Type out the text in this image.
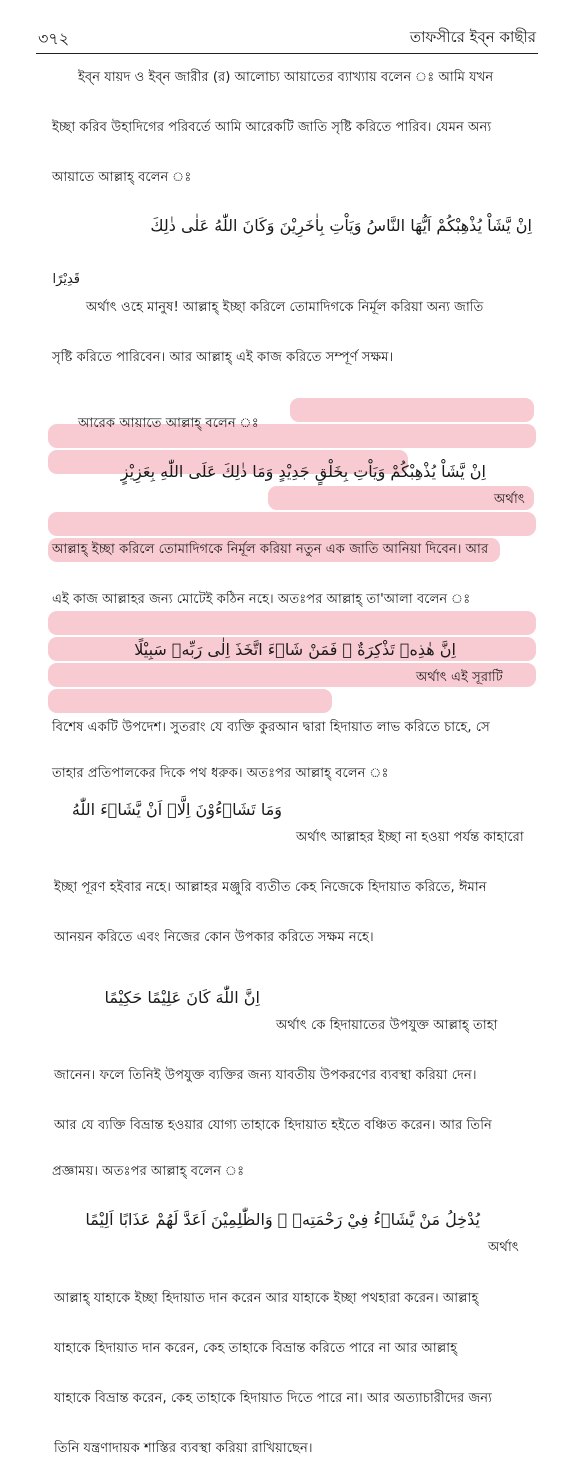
৩৭২	তাফসীরে ইব্ন কাছীর
ইব্ন যায়দ ও ইব্ন জারীর (র) আলোচ্য আয়াতের ব্যাখ্যায় বলেন ঃ আমি যখন
ইচ্ছা করিব উহাদিগের পরিবর্তে আমি আরেকটি জাতি সৃষ্টি করিতে পারিব। যেমন অন্য
আয়াতে আল্লাহ্ বলেন ঃ
اِنْ يَّشَاْ يُذْهِبْكُمْ اَيُّهَا النَّاسُ وَيَاْتِ بِاٰخَرِيْنَ وَكَانَ اللّٰهُ عَلٰى ذٰلِكَ
قَدِيْرًا
অর্থাৎ ওহে মানুষ! আল্লাহ্ ইচ্ছা করিলে তোমাদিগকে নির্মূল করিয়া অন্য জাতি
সৃষ্টি করিতে পারিবেন। আর আল্লাহ্ এই কাজ করিতে সম্পূর্ণ সক্ষম।
আরেক আয়াতে আল্লাহ্ বলেন ঃ
اِنْ يَّشَاْ يُذْهِبْكُمْ وَيَاْتِ بِخَلْقٍ جَدِيْدٍ وَمَا ذٰلِكَ عَلَى اللّٰهِ بِعَزِيْزٍ
অর্থাৎ
আল্লাহ্ ইচ্ছা করিলে তোমাদিগকে নির্মূল করিয়া নতুন এক জাতি আনিয়া দিবেন। আর
এই কাজ আল্লাহর জন্য মোটেই কঠিন নহে। অতঃপর আল্লাহ্ তা'আলা বলেন ঃ
اِنَّ هٰذِهٖ تَذْكِرَةٌ ۚ فَمَنْ شَاۤءَ اتَّخَذَ اِلٰى رَبِّهٖ سَبِيْلًا
অর্থাৎ এই সূরাটি
বিশেষ একটি উপদেশ। সুতরাং যে ব্যক্তি কুরআন দ্বারা হিদায়াত লাভ করিতে চাহে, সে
তাহার প্রতিপালকের দিকে পথ ধরুক। অতঃপর আল্লাহ্ বলেন ঃ
وَمَا تَشَاۤءُوْنَ اِلَّاۤ اَنْ يَّشَاۤءَ اللّٰهُ
অর্থাৎ আল্লাহর ইচ্ছা না হওয়া পর্যন্ত কাহারো
ইচ্ছা পূরণ হইবার নহে। আল্লাহর মঞ্জুরি ব্যতীত কেহ নিজেকে হিদায়াত করিতে, ঈমান
আনয়ন করিতে এবং নিজের কোন উপকার করিতে সক্ষম নহে।
اِنَّ اللّٰهَ كَانَ عَلِيْمًا حَكِيْمًا
অর্থাৎ কে হিদায়াতের উপযুক্ত আল্লাহ্ তাহা
জানেন। ফলে তিনিই উপযুক্ত ব্যক্তির জন্য যাবতীয় উপকরণের ব্যবস্থা করিয়া দেন।
আর যে ব্যক্তি বিভ্রান্ত হওয়ার যোগ্য তাহাকে হিদায়াত হইতে বঞ্চিত করেন। আর তিনি
প্রজ্ঞাময়। অতঃপর আল্লাহ্ বলেন ঃ
يُدْخِلُ مَنْ يَّشَاۤءُ فِيْ رَحْمَتِهٖ ۗ وَالظّٰلِمِيْنَ اَعَدَّ لَهُمْ عَذَابًا اَلِيْمًا
অর্থাৎ
আল্লাহ্ যাহাকে ইচ্ছা হিদায়াত দান করেন আর যাহাকে ইচ্ছা পথহারা করেন। আল্লাহ্
যাহাকে হিদায়াত দান করেন, কেহ তাহাকে বিভ্রান্ত করিতে পারে না আর আল্লাহ্
যাহাকে বিভ্রান্ত করেন, কেহ তাহাকে হিদায়াত দিতে পারে না। আর অত্যাচারীদের জন্য
তিনি যন্ত্রণাদায়ক শাস্তির ব্যবস্থা করিয়া রাখিয়াছেন।
